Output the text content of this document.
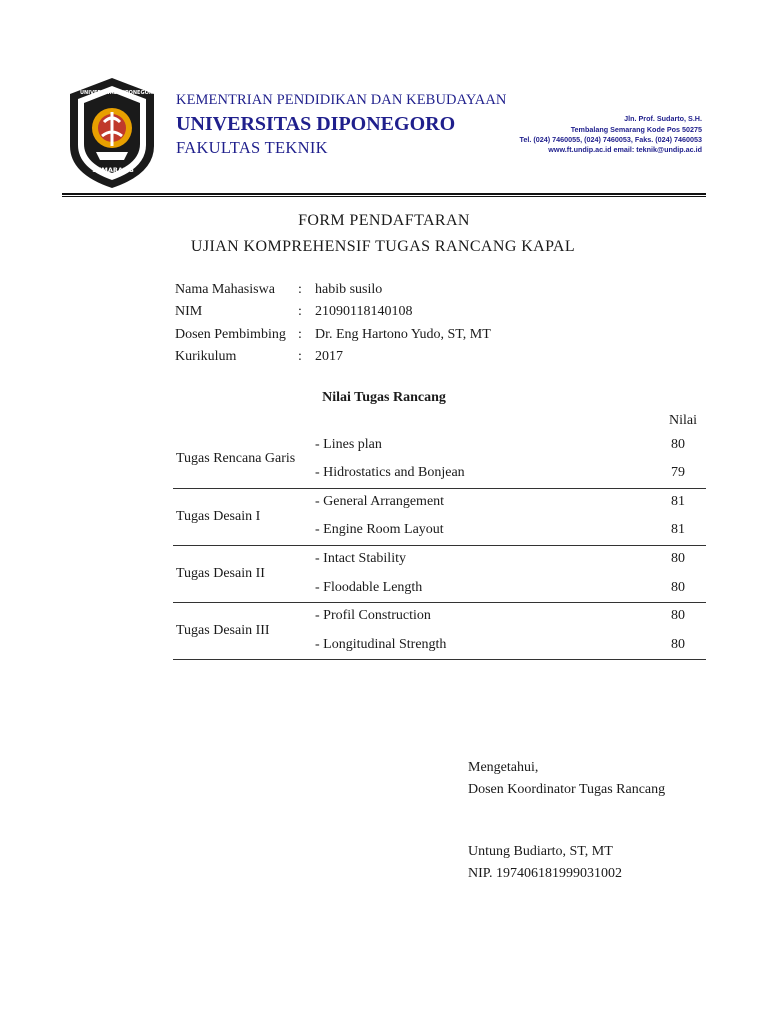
UNIVERSITAS DIPONEGORO
SEMARANG
KEMENTRIAN PENDIDIKAN DAN KEBUDAYAAN
UNIVERSITAS DIPONEGORO
FAKULTAS TEKNIK
Jln. Prof. Sudarto, S.H.
Tembalang Semarang Kode Pos 50275
Tel. (024) 7460055, (024) 7460053, Faks. (024) 7460053
www.ft.undip.ac.id email: teknik@undip.ac.id
FORM PENDAFTARAN
UJIAN KOMPREHENSIF TUGAS RANCANG KAPAL
Nama Mahasiswa : habib susilo
NIM	: 21090118140108
Dosen Pembimbing : Dr. Eng Hartono Yudo, ST, MT
Kurikulum	: 2017
Nilai Tugas Rancang
Nilai
Tugas Rencana Garis
- Lines plan	80
- Hidrostatics and Bonjean	79
Tugas Desain I
- General Arrangement	81
- Engine Room Layout	81
Tugas Desain II
- Intact Stability	80
- Floodable Length	80
Tugas Desain III
- Profil Construction	80
- Longitudinal Strength	80
Mengetahui,
Dosen Koordinator Tugas Rancang
Untung Budiarto, ST, MT
NIP. 197406181999031002
